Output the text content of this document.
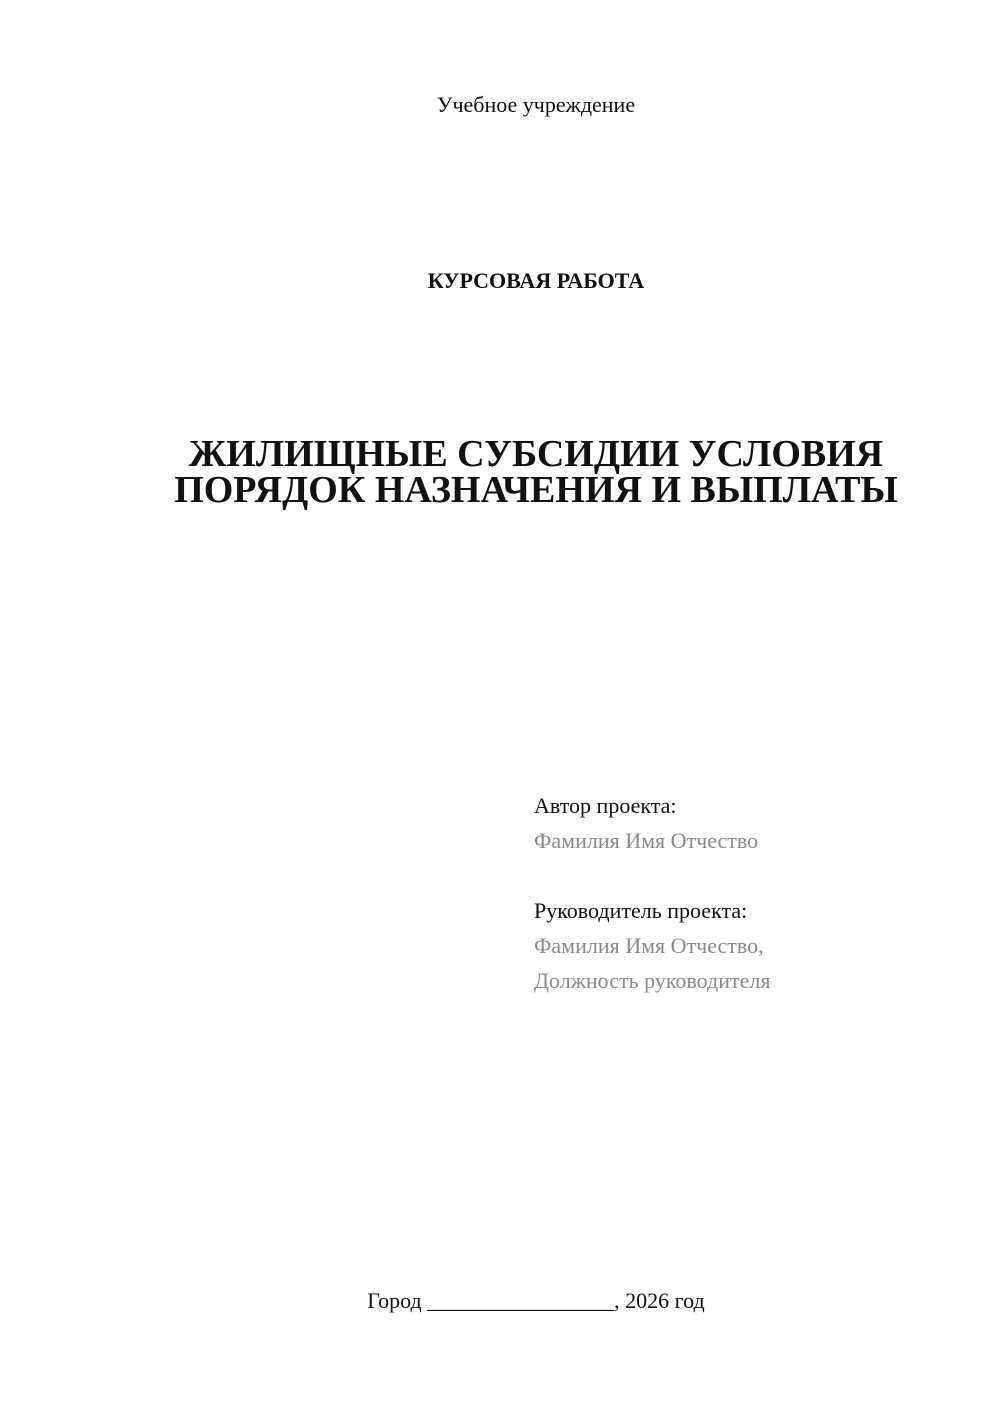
Учебное учреждение
КУРСОВАЯ РАБОТА
ЖИЛИЩНЫЕ СУБСИДИИ УСЛОВИЯ
ПОРЯДОК НАЗНАЧЕНИЯ И ВЫПЛАТЫ
Автор проекта:
Фамилия Имя Отчество
Руководитель проекта:
Фамилия Имя Отчество,
Должность руководителя
Город _________________, 2026 год
